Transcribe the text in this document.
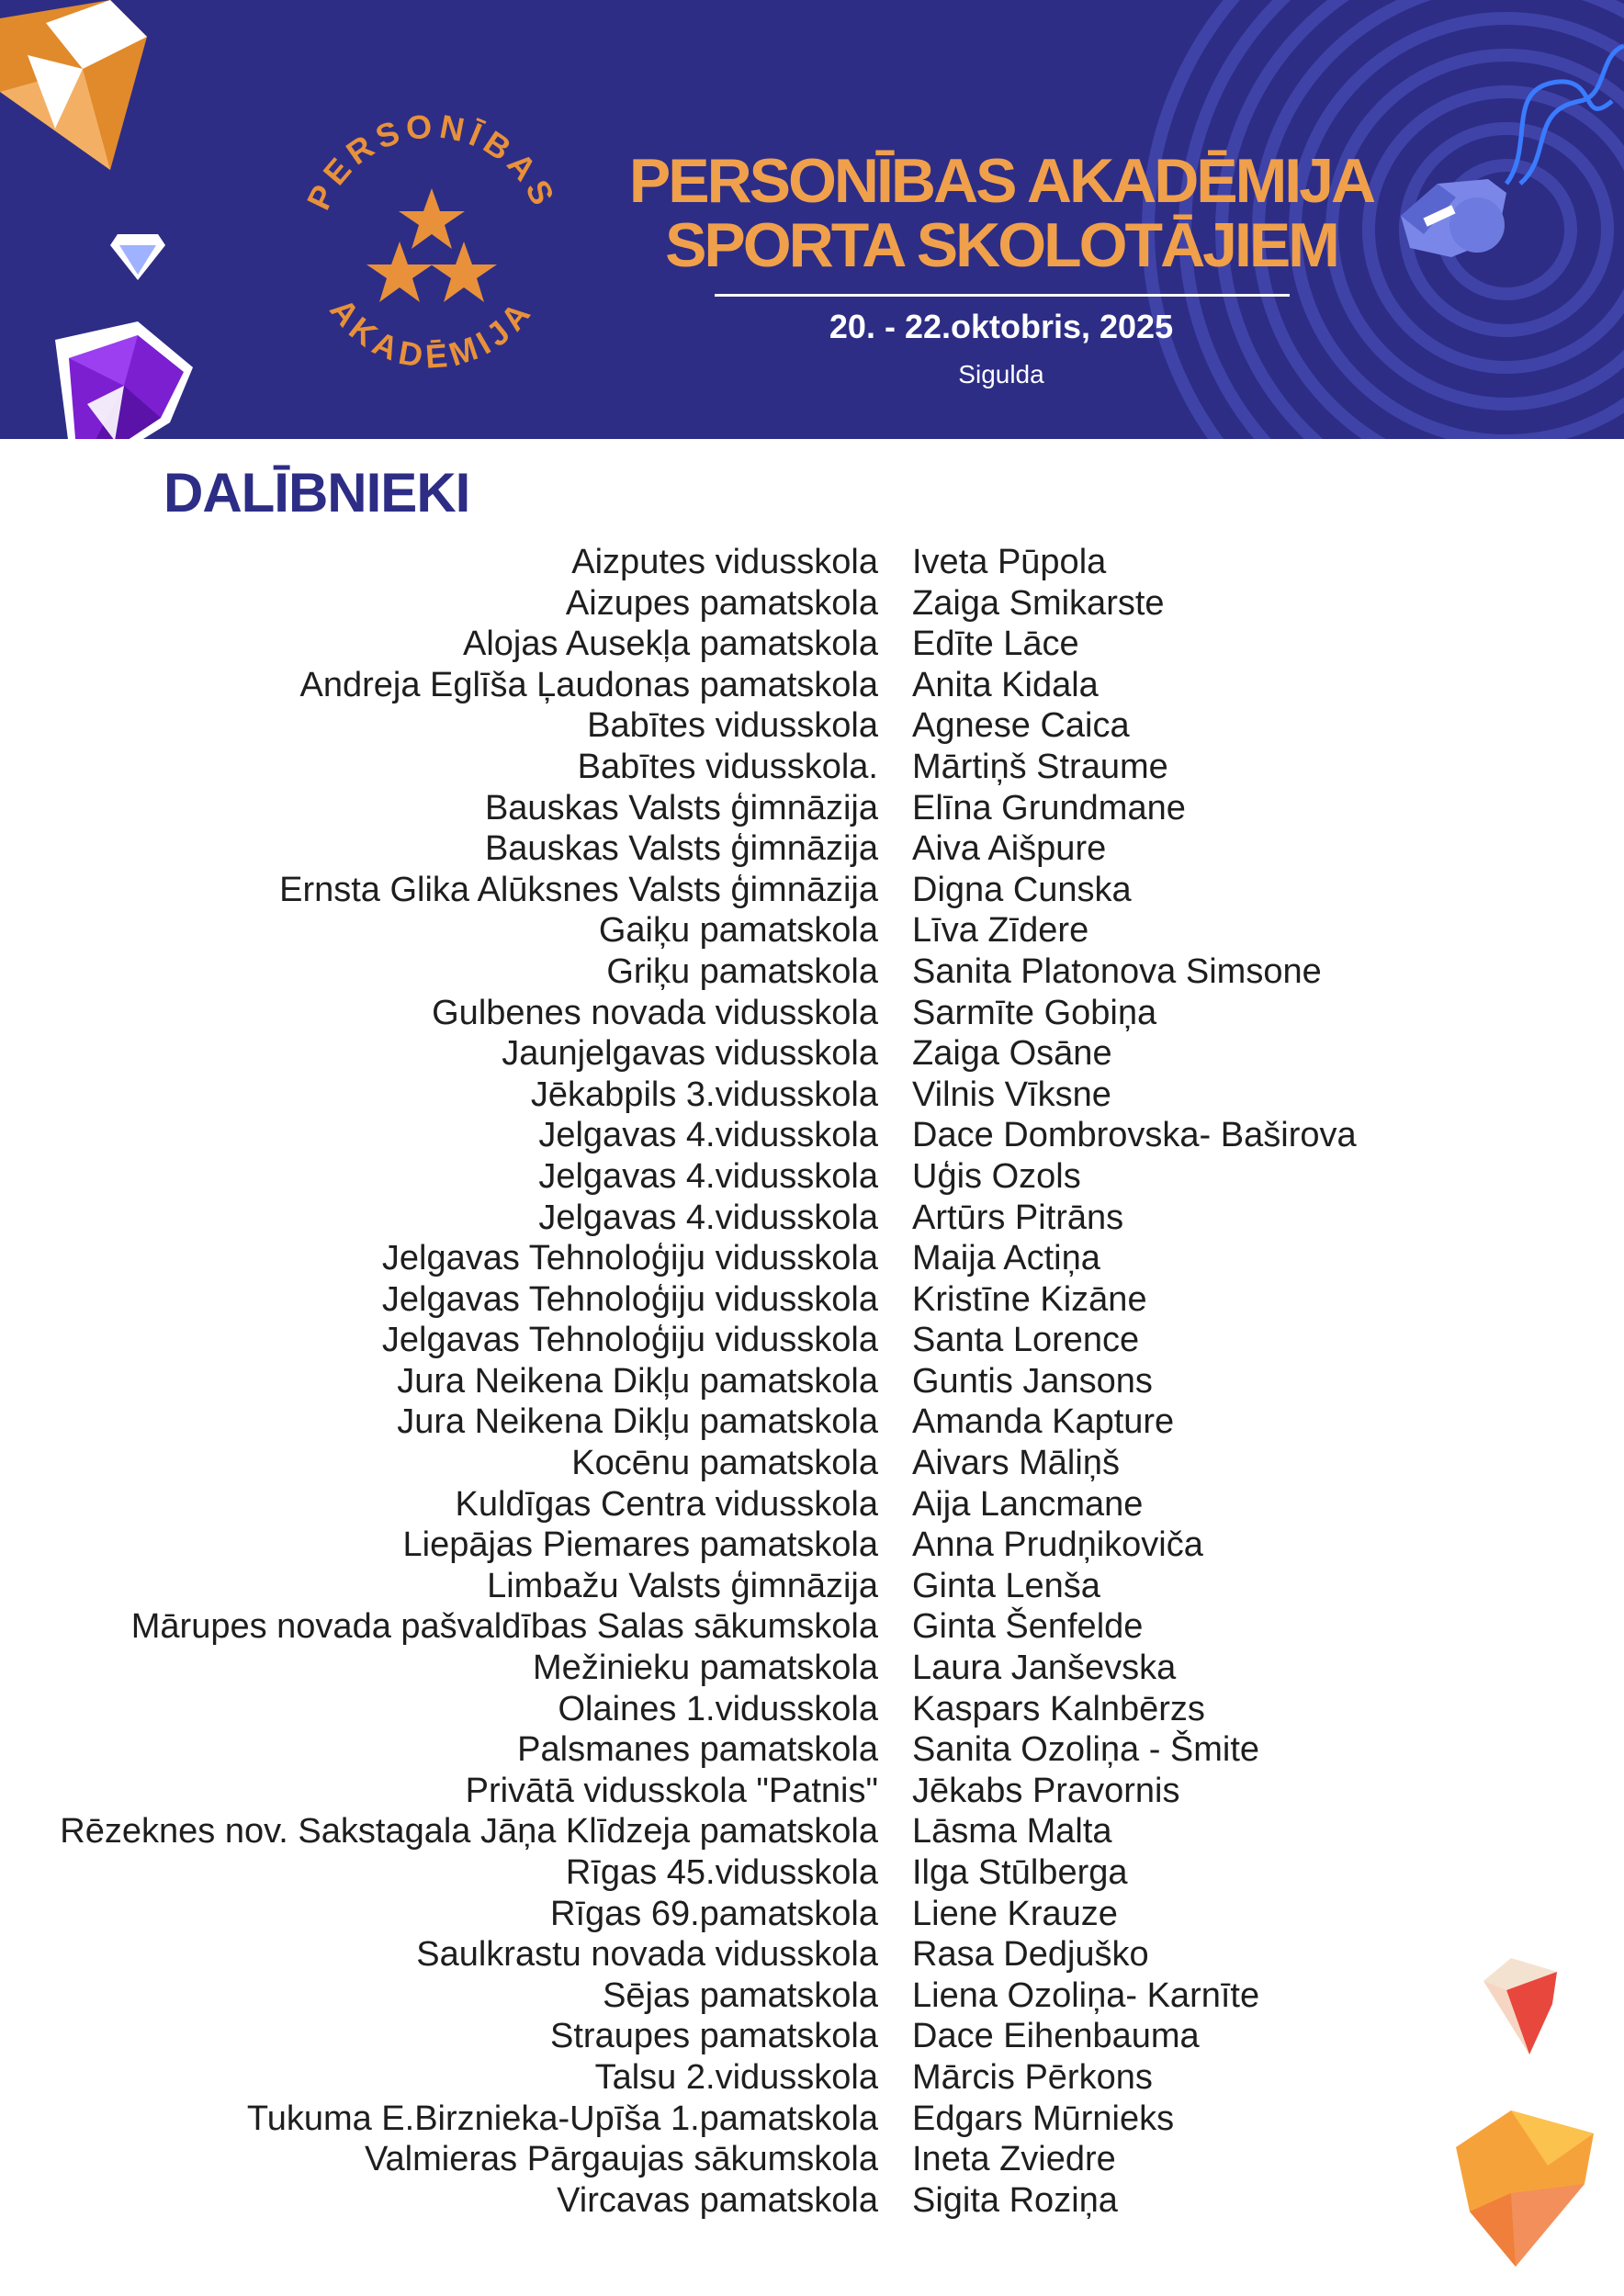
PERSONĪBAS
AKADĒMIJA
PERSONĪBAS AKADĒMIJA
SPORTA SKOLOTĀJIEM
20. - 22.oktobris, 2025
Sigulda
DALĪBNIEKI
Aizputes vidusskola Iveta Pūpola
Aizupes pamatskola Zaiga Smikarste
Alojas Ausekļa pamatskola Edīte Lāce
Andreja Eglīša Ļaudonas pamatskola Anita Kidala
Babītes vidusskola Agnese Caica
Babītes vidusskola. Mārtiņš Straume
Bauskas Valsts ģimnāzija Elīna Grundmane
Bauskas Valsts ģimnāzija Aiva Aišpure
Ernsta Glika Alūksnes Valsts ģimnāzija Digna Cunska
Gaiķu pamatskola Līva Zīdere
Griķu pamatskola Sanita Platonova Simsone
Gulbenes novada vidusskola Sarmīte Gobiņa
Jaunjelgavas vidusskola Zaiga Osāne
Jēkabpils 3.vidusskola Vilnis Vīksne
Jelgavas 4.vidusskola Dace Dombrovska- Baširova
Jelgavas 4.vidusskola Uģis Ozols
Jelgavas 4.vidusskola Artūrs Pitrāns
Jelgavas Tehnoloģiju vidusskola Maija Actiņa
Jelgavas Tehnoloģiju vidusskola Kristīne Kizāne
Jelgavas Tehnoloģiju vidusskola Santa Lorence
Jura Neikena Dikļu pamatskola Guntis Jansons
Jura Neikena Dikļu pamatskola Amanda Kapture
Kocēnu pamatskola Aivars Māliņš
Kuldīgas Centra vidusskola Aija Lancmane
Liepājas Piemares pamatskola Anna Prudņikoviča
Limbažu Valsts ģimnāzija Ginta Lenša
Mārupes novada pašvaldības Salas sākumskola Ginta Šenfelde
Mežinieku pamatskola Laura Janševska
Olaines 1.vidusskola Kaspars Kalnbērzs
Palsmanes pamatskola Sanita Ozoliņa - Šmite
Privātā vidusskola "Patnis" Jēkabs Pravornis
Rēzeknes nov. Sakstagala Jāņa Klīdzeja pamatskola Lāsma Malta
Rīgas 45.vidusskola Ilga Stūlberga
Rīgas 69.pamatskola Liene Krauze
Saulkrastu novada vidusskola Rasa Dedjuško
Sējas pamatskola Liena Ozoliņa- Karnīte
Straupes pamatskola Dace Eihenbauma
Talsu 2.vidusskola Mārcis Pērkons
Tukuma E.Birznieka-Upīša 1.pamatskola Edgars Mūrnieks
Valmieras Pārgaujas sākumskola Ineta Zviedre
Vircavas pamatskola Sigita Roziņa
